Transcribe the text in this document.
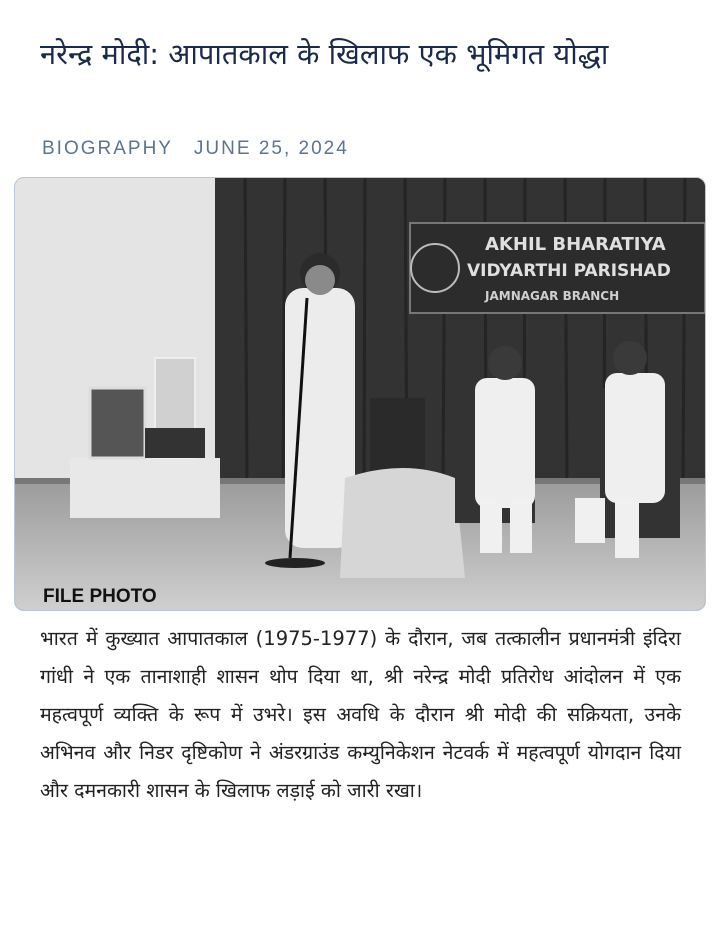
नरेन्द्र मोदी: आपातकाल के खिलाफ एक भूमिगत योद्धा
BIOGRAPHY JUNE 25, 2024
AKHIL BHARATIYA
VIDYARTHI PARISHAD
JAMNAGAR BRANCH
FILE PHOTO

भारत में कुख्यात आपातकाल (1975-1977) के दौरान, जब तत्कालीन प्रधानमंत्री इंदिरा गांधी ने एक तानाशाही शासन थोप दिया था, श्री नरेन्द्र मोदी प्रतिरोध आंदोलन में एक महत्वपूर्ण व्यक्ति के रूप में उभरे। इस अवधि के दौरान श्री मोदी की सक्रियता, उनके अभिनव और निडर दृष्टिकोण ने अंडरग्राउंड कम्युनिकेशन नेटवर्क में महत्वपूर्ण योगदान दिया और दमनकारी शासन के खिलाफ लड़ाई को जारी रखा।
